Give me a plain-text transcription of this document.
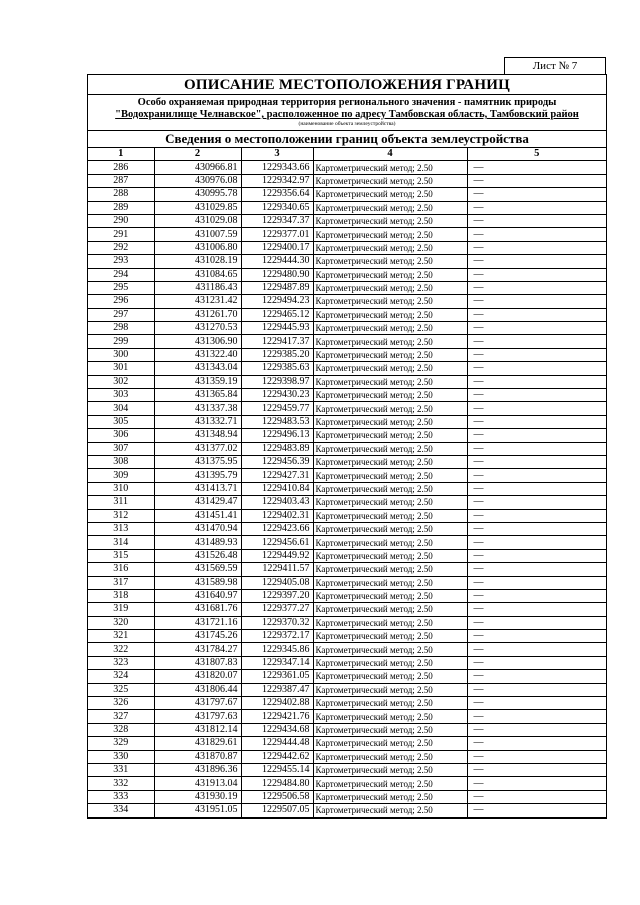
Лист № 7
ОПИСАНИЕ МЕСТОПОЛОЖЕНИЯ ГРАНИЦ
Особо охраняемая природная территория регионального значения - памятник природы
"Водохранилище Челнавское", расположенное по адресу Тамбовская область, Тамбовский район
(наименование объекта землеустройства)
Сведения о местоположении границ объекта землеустройства
1	2	3	4	5
286	430966.81	1229343.66	Картометрический метод; 2.50	—
287	430976.08	1229342.97	Картометрический метод; 2.50	—
288	430995.78	1229356.64	Картометрический метод; 2.50	—
289	431029.85	1229340.65	Картометрический метод; 2.50	—
290	431029.08	1229347.37	Картометрический метод; 2.50	—
291	431007.59	1229377.01	Картометрический метод; 2.50	—
292	431006.80	1229400.17	Картометрический метод; 2.50	—
293	431028.19	1229444.30	Картометрический метод; 2.50	—
294	431084.65	1229480.90	Картометрический метод; 2.50	—
295	431186.43	1229487.89	Картометрический метод; 2.50	—
296	431231.42	1229494.23	Картометрический метод; 2.50	—
297	431261.70	1229465.12	Картометрический метод; 2.50	—
298	431270.53	1229445.93	Картометрический метод; 2.50	—
299	431306.90	1229417.37	Картометрический метод; 2.50	—
300	431322.40	1229385.20	Картометрический метод; 2.50	—
301	431343.04	1229385.63	Картометрический метод; 2.50	—
302	431359.19	1229398.97	Картометрический метод; 2.50	—
303	431365.84	1229430.23	Картометрический метод; 2.50	—
304	431337.38	1229459.77	Картометрический метод; 2.50	—
305	431332.71	1229483.53	Картометрический метод; 2.50	—
306	431348.94	1229496.13	Картометрический метод; 2.50	—
307	431377.02	1229483.89	Картометрический метод; 2.50	—
308	431375.95	1229456.39	Картометрический метод; 2.50	—
309	431395.79	1229427.31	Картометрический метод; 2.50	—
310	431413.71	1229410.84	Картометрический метод; 2.50	—
311	431429.47	1229403.43	Картометрический метод; 2.50	—
312	431451.41	1229402.31	Картометрический метод; 2.50	—
313	431470.94	1229423.66	Картометрический метод; 2.50	—
314	431489.93	1229456.61	Картометрический метод; 2.50	—
315	431526.48	1229449.92	Картометрический метод; 2.50	—
316	431569.59	1229411.57	Картометрический метод; 2.50	—
317	431589.98	1229405.08	Картометрический метод; 2.50	—
318	431640.97	1229397.20	Картометрический метод; 2.50	—
319	431681.76	1229377.27	Картометрический метод; 2.50	—
320	431721.16	1229370.32	Картометрический метод; 2.50	—
321	431745.26	1229372.17	Картометрический метод; 2.50	—
322	431784.27	1229345.86	Картометрический метод; 2.50	—
323	431807.83	1229347.14	Картометрический метод; 2.50	—
324	431820.07	1229361.05	Картометрический метод; 2.50	—
325	431806.44	1229387.47	Картометрический метод; 2.50	—
326	431797.67	1229402.88	Картометрический метод; 2.50	—
327	431797.63	1229421.76	Картометрический метод; 2.50	—
328	431812.14	1229434.68	Картометрический метод; 2.50	—
329	431829.61	1229444.48	Картометрический метод; 2.50	—
330	431870.87	1229442.62	Картометрический метод; 2.50	—
331	431896.36	1229455.14	Картометрический метод; 2.50	—
332	431913.04	1229484.80	Картометрический метод; 2.50	—
333	431930.19	1229506.58	Картометрический метод; 2.50	—
334	431951.05	1229507.05	Картометрический метод; 2.50	—
